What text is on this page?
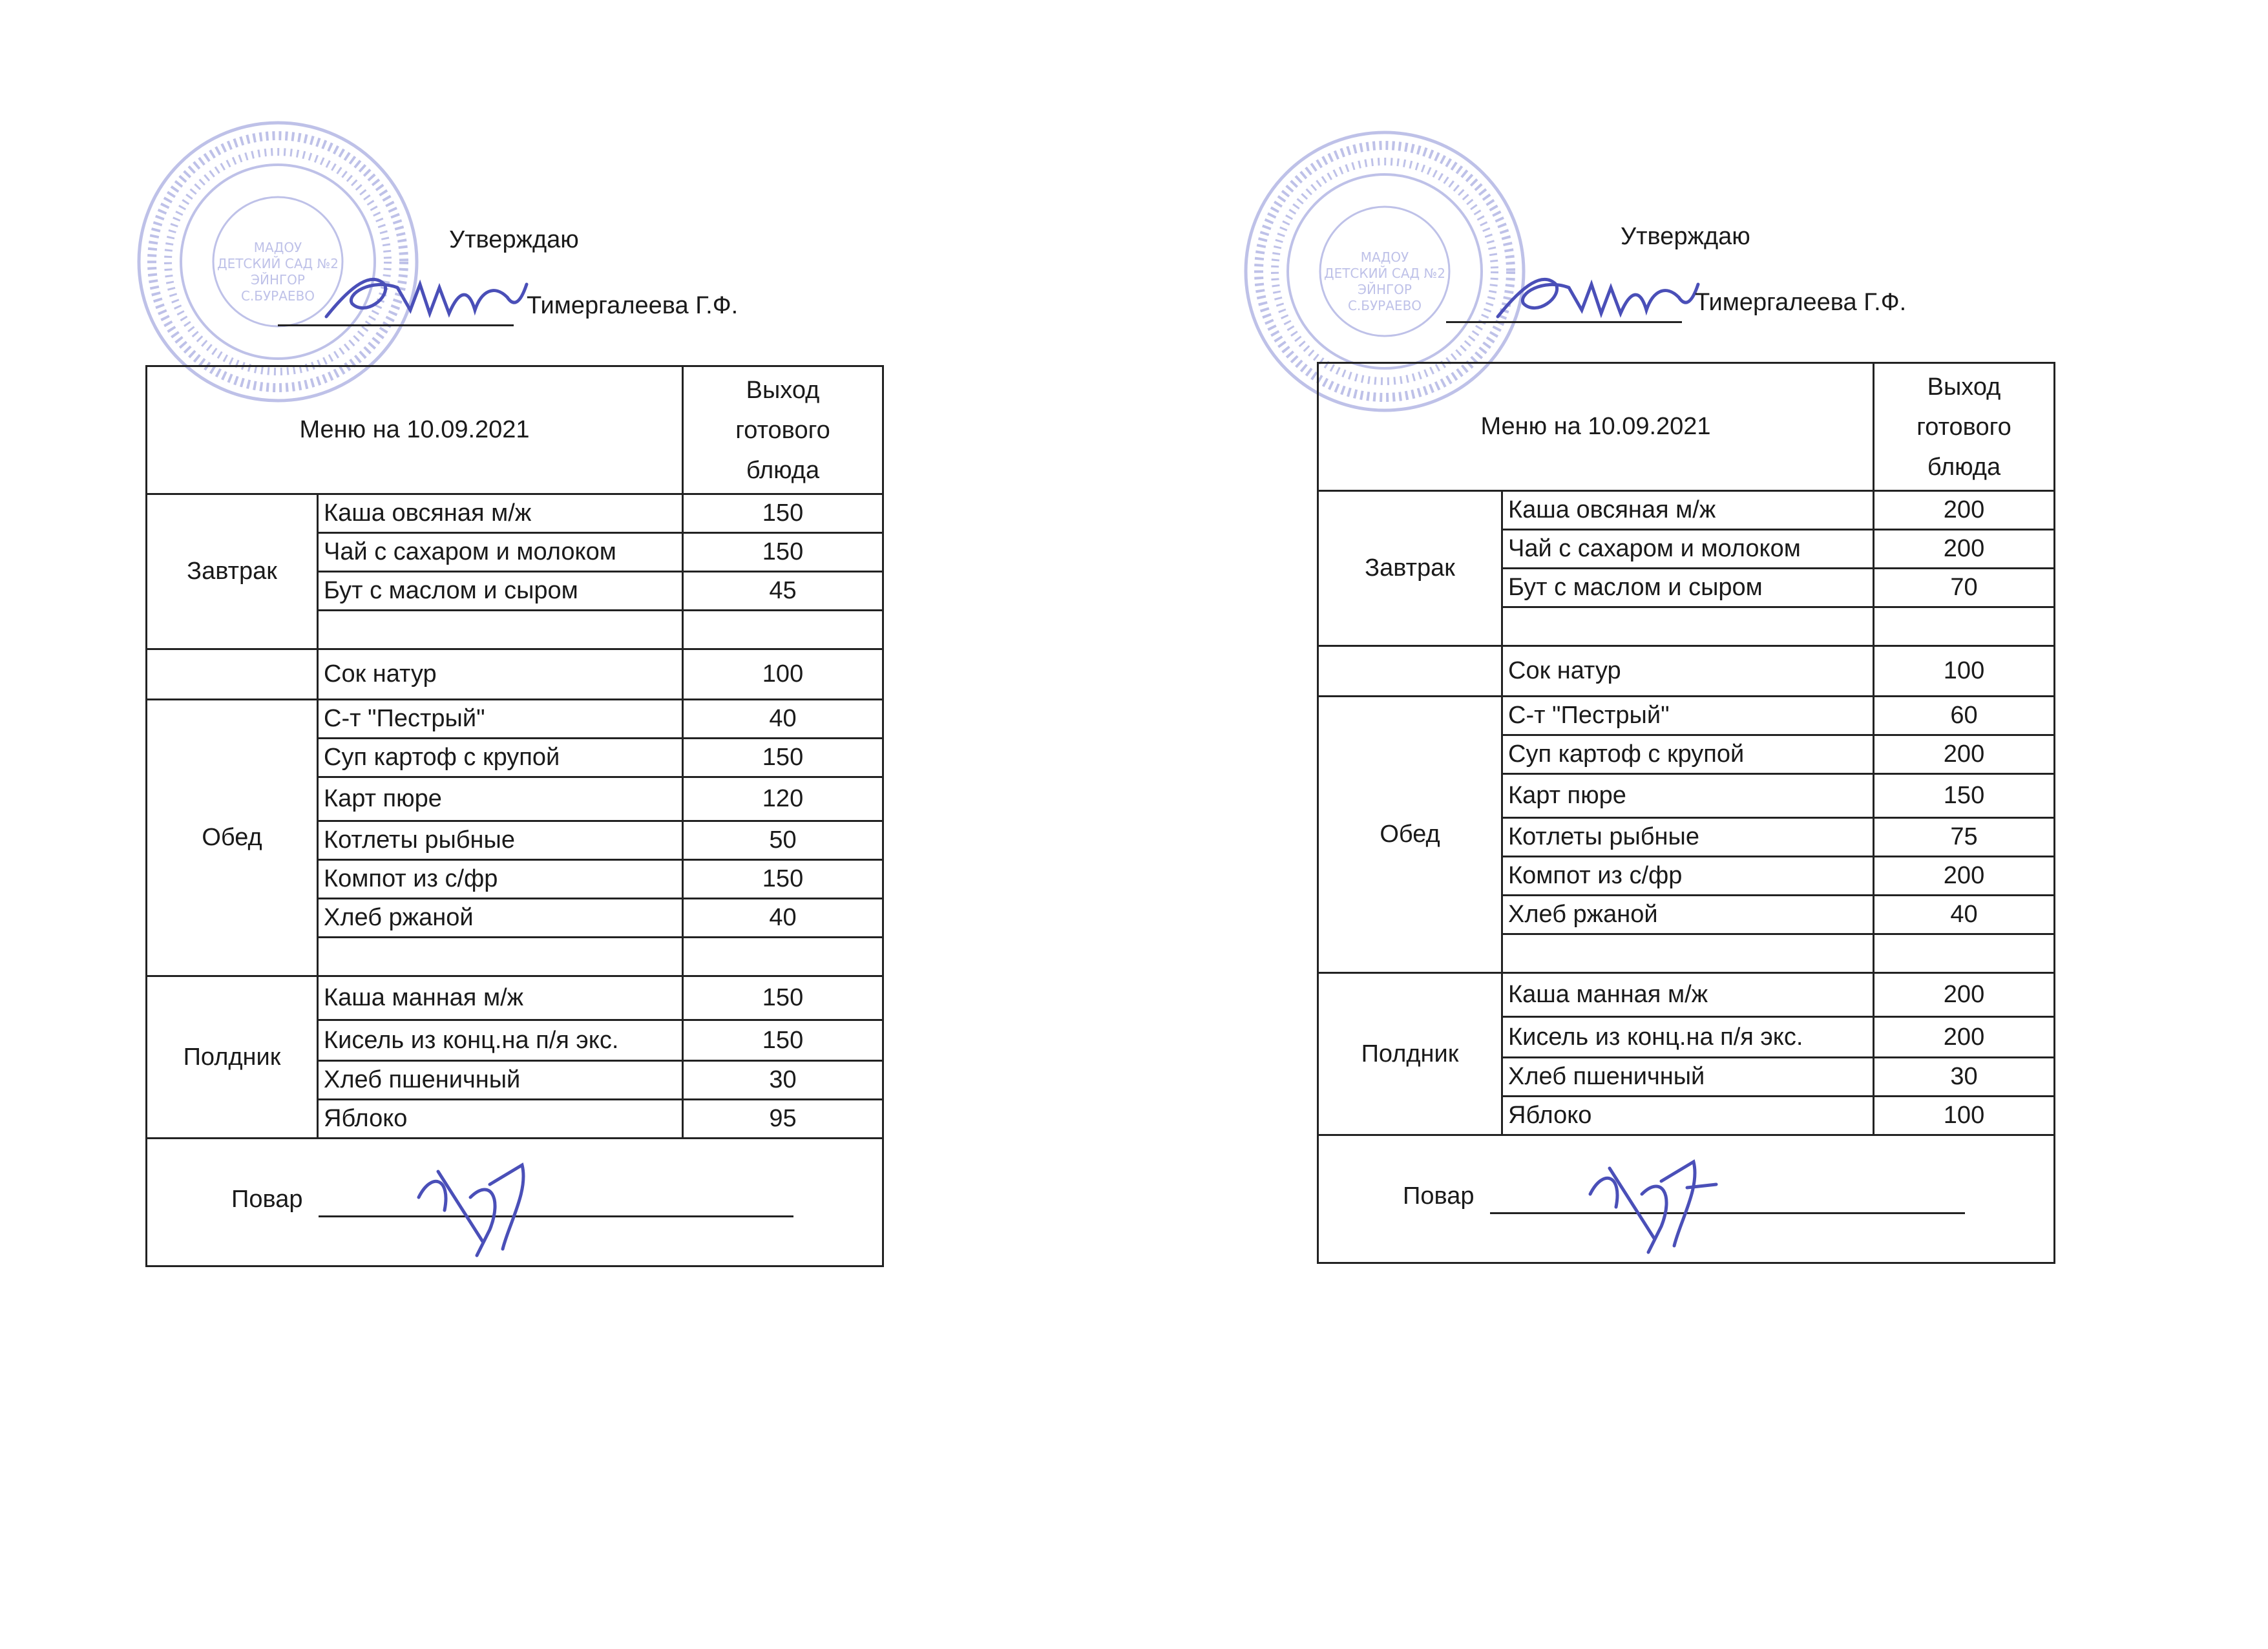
МАДОУ
ДЕТСКИЙ САД №2
ЭЙНГОР
С.БУРАЕВО
Утверждаю
Тимергалеева Г.Ф.
Меню на 10.09.2021		Выход
готового
блюда
Завтрак	Каша овсяная м/ж	150
	Чай с сахаром и молоком	150
	Бут с маслом и сыром	45

	Сок натур	100
Обед	С-т "Пестрый"	40
	Суп картоф с крупой	150
	Карт пюре	120
	Котлеты рыбные	50
	Компот из с/фр	150
	Хлеб ржаной	40

Полдник	Каша манная м/ж	150
	Кисель из конц.на п/я экс.	150
	Хлеб пшеничный	30
	Яблоко	95

Повар		
МАДОУ
ДЕТСКИЙ САД №2
ЭЙНГОР
С.БУРАЕВО
Утверждаю
Тимергалеева Г.Ф.
Меню на 10.09.2021		Выход
готового
блюда
Завтрак	Каша овсяная м/ж	200
	Чай с сахаром и молоком	200
	Бут с маслом и сыром	70

	Сок натур	100
Обед	С-т "Пестрый"	60
	Суп картоф с крупой	200
	Карт пюре	150
	Котлеты рыбные	75
	Компот из с/фр	200
	Хлеб ржаной	40

Полдник	Каша манная м/ж	200
	Кисель из конц.на п/я экс.	200
	Хлеб пшеничный	30
	Яблоко	100

Повар		
